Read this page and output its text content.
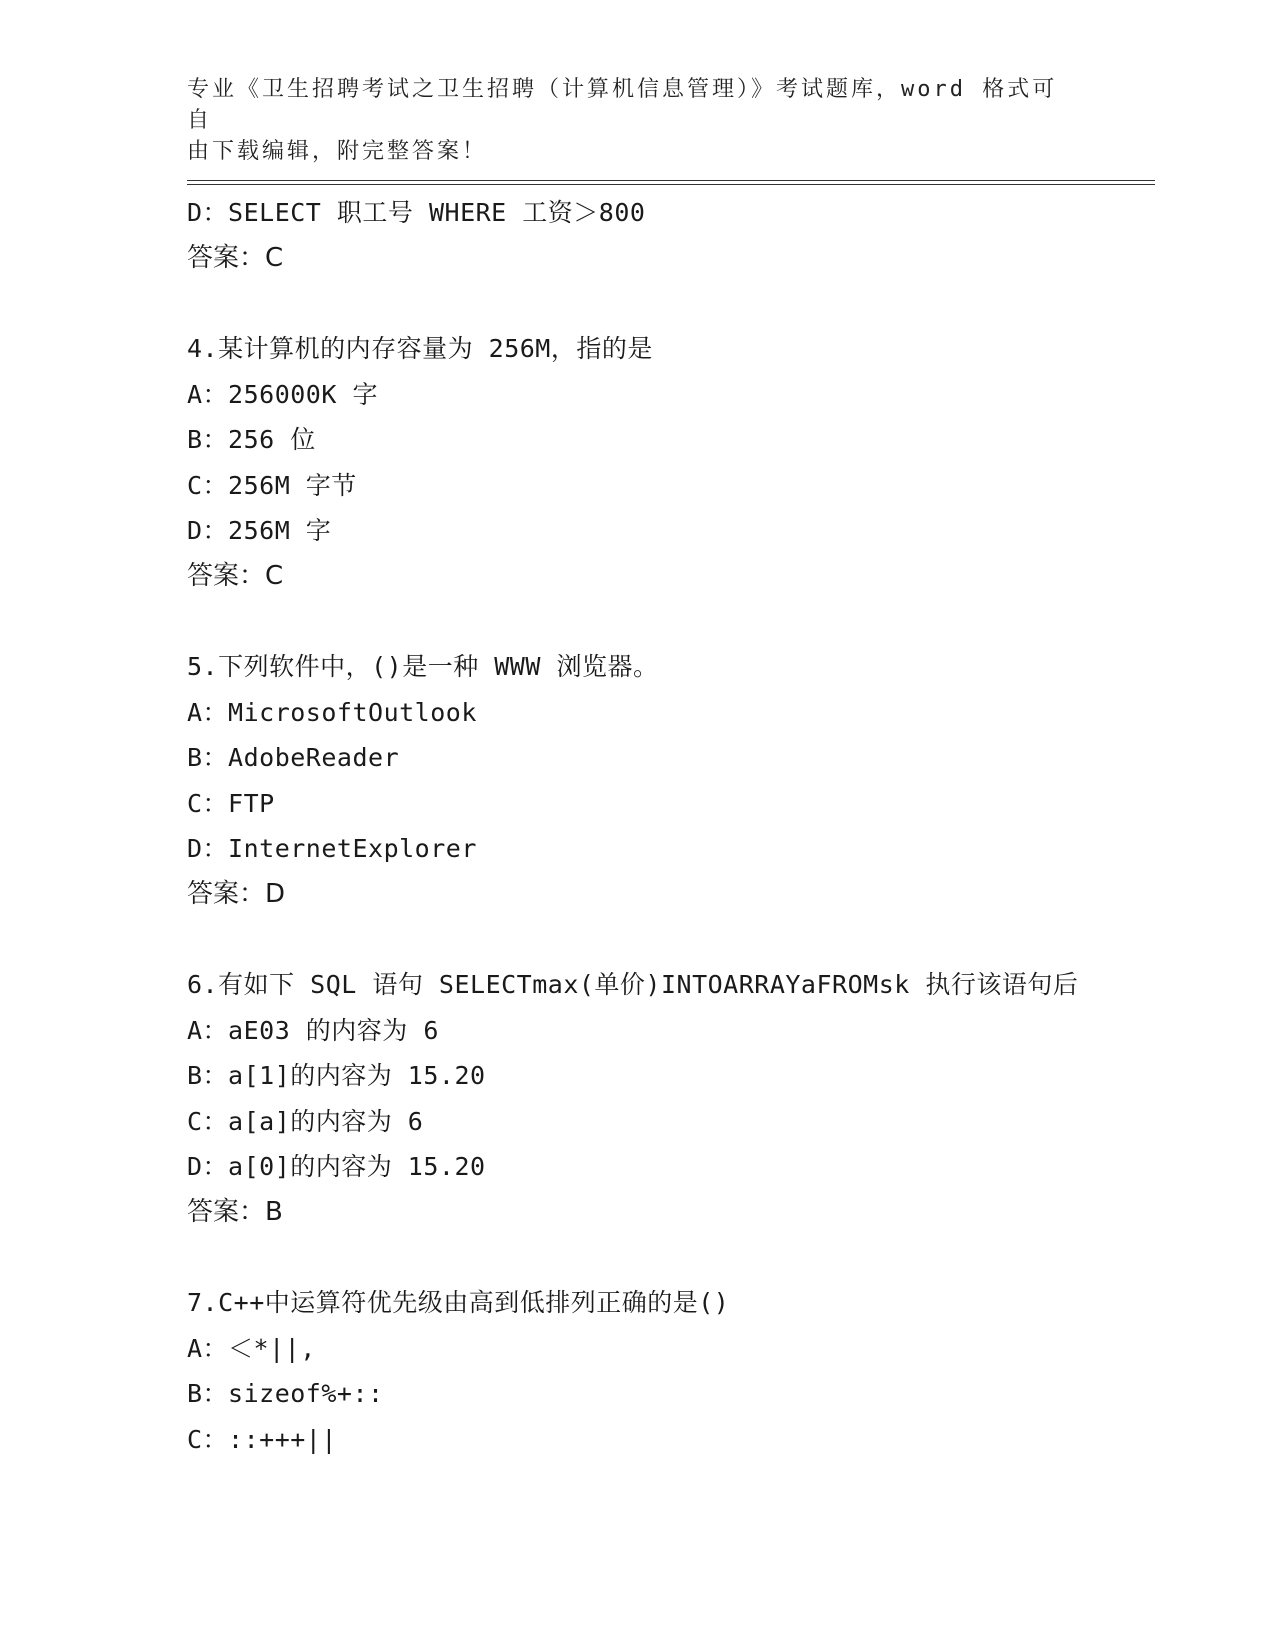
专业《卫生招聘考试之卫生招聘（计算机信息管理）》考试题库，word 格式可自
由下载编辑，附完整答案！
D：SELECT 职工号 WHERE 工资＞800
答案：C
4.某计算机的内存容量为 256M，指的是
A：256000K 字
B：256 位
C：256M 字节
D：256M 字
答案：C
5.下列软件中，()是一种 WWW 浏览器。
A：MicrosoftOutlook
B：AdobeReader
C：FTP
D：InternetExplorer
答案：D
6.有如下 SQL 语句 SELECTmax(单价)INTOARRAYaFROMsk 执行该语句后
A：aE03 的内容为 6
B：a[1]的内容为 15.20
C：a[a]的内容为 6
D：a[0]的内容为 15.20
答案：B
7.C++中运算符优先级由高到低排列正确的是()
A：＜*||,
B：sizeof%+::
C：::+++||
